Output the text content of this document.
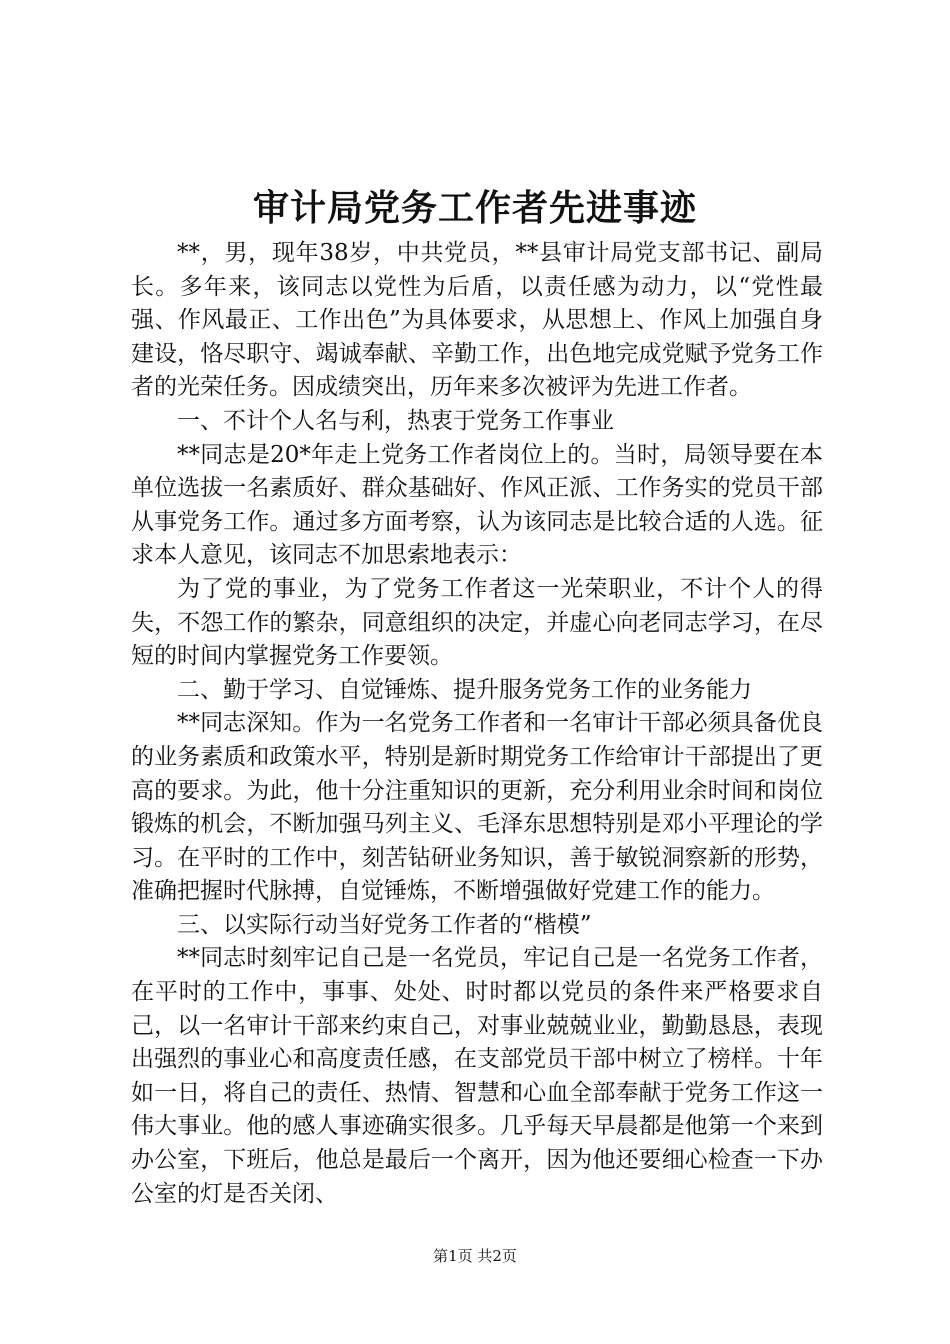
审计局党务工作者先进事迹

**，男，现年38岁，中共党员，**县审计局党支部书记、副局长。多年来，该同志以党性为后盾，以责任感为动力，以“党性最强、作风最正、工作出色”为具体要求，从思想上、作风上加强自身建设，恪尽职守、竭诚奉献、辛勤工作，出色地完成党赋予党务工作者的光荣任务。因成绩突出，历年来多次被评为先进工作者。

一、不计个人名与利，热衷于党务工作事业

**同志是20*年走上党务工作者岗位上的。当时，局领导要在本单位选拔一名素质好、群众基础好、作风正派、工作务实的党员干部从事党务工作。通过多方面考察，认为该同志是比较合适的人选。征求本人意见，该同志不加思索地表示：

为了党的事业，为了党务工作者这一光荣职业，不计个人的得失，不怨工作的繁杂，同意组织的决定，并虚心向老同志学习，在尽短的时间内掌握党务工作要领。

二、勤于学习、自觉锤炼、提升服务党务工作的业务能力

**同志深知。作为一名党务工作者和一名审计干部必须具备优良的业务素质和政策水平，特别是新时期党务工作给审计干部提出了更高的要求。为此，他十分注重知识的更新，充分利用业余时间和岗位锻炼的机会，不断加强马列主义、毛泽东思想特别是邓小平理论的学习。在平时的工作中，刻苦钻研业务知识，善于敏锐洞察新的形势，准确把握时代脉搏，自觉锤炼，不断增强做好党建工作的能力。

三、以实际行动当好党务工作者的“楷模”

**同志时刻牢记自己是一名党员，牢记自己是一名党务工作者，在平时的工作中，事事、处处、时时都以党员的条件来严格要求自己，以一名审计干部来约束自己，对事业兢兢业业，勤勤恳恳，表现出强烈的事业心和高度责任感，在支部党员干部中树立了榜样。十年如一日，将自己的责任、热情、智慧和心血全部奉献于党务工作这一伟大事业。他的感人事迹确实很多。几乎每天早晨都是他第一个来到办公室，下班后，他总是最后一个离开，因为他还要细心检查一下办公室的灯是否关闭、

第1页 共2页
